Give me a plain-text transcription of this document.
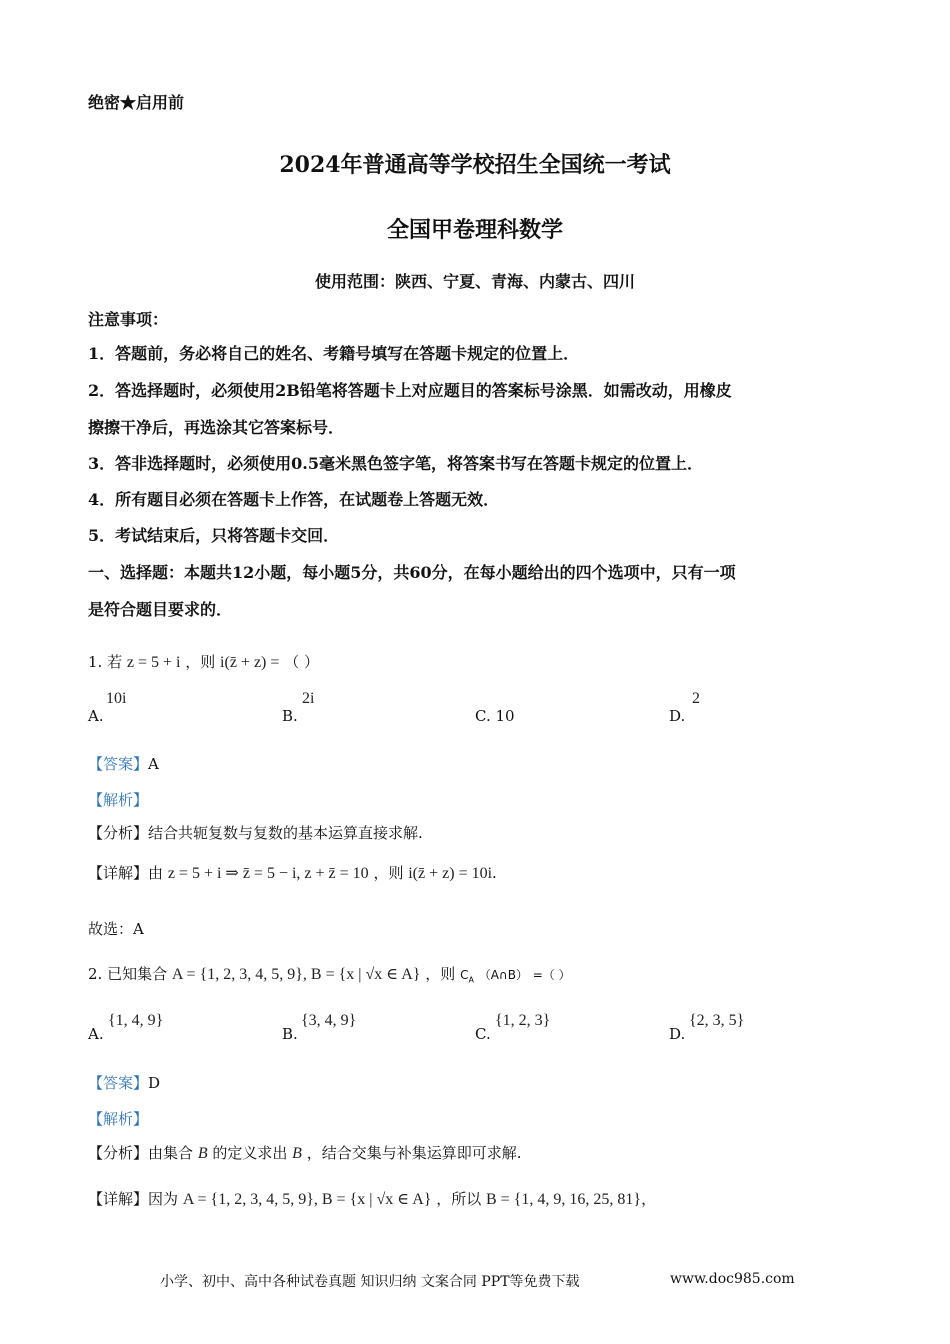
绝密★启用前
2024年普通高等学校招生全国统一考试
全国甲卷理科数学
使用范围：陕西、宁夏、青海、内蒙古、四川
注意事项：
1．答题前，务必将自己的姓名、考籍号填写在答题卡规定的位置上．
2．答选择题时，必须使用2B铅笔将答题卡上对应题目的答案标号涂黑．如需改动，用橡皮
擦擦干净后，再选涂其它答案标号．
3．答非选择题时，必须使用0.5毫米黑色签字笔，将答案书写在答题卡规定的位置上．
4．所有题目必须在答题卡上作答，在试题卷上答题无效．
5．考试结束后，只将答题卡交回．
一、选择题：本题共12小题，每小题5分，共60分，在每小题给出的四个选项中，只有一项
是符合题目要求的．
1. 若 z = 5 + i ，则 i(z̄ + z) = （ ）
A.
10i
B.
2i
C. 10	D.
2
【答案】A
【解析】
【分析】结合共轭复数与复数的基本运算直接求解.
【详解】由 z = 5 + i ⇒ z̄ = 5 − i, z + z̄ = 10 ，则 i(z̄ + z) = 10i.
故选：A
2. 已知集合 A = {1, 2, 3, 4, 5, 9}, B = {x | √x ∈ A} ，则 $C_A$ （A∩B） =（ ）
A.
{1, 4, 9}
B.
{3, 4, 9}
C.
{1, 2, 3}
D.
{2, 3, 5}
【答案】D
【解析】
【分析】由集合 B 的定义求出 B ，结合交集与补集运算即可求解.
【详解】因为 A = {1, 2, 3, 4, 5, 9}, B = {x | √x ∈ A} ，所以 B = {1, 4, 9, 16, 25, 81}，
小学、初中、高中各种试卷真题 知识归纳 文案合同 PPT等免费下载	www.doc985.com
